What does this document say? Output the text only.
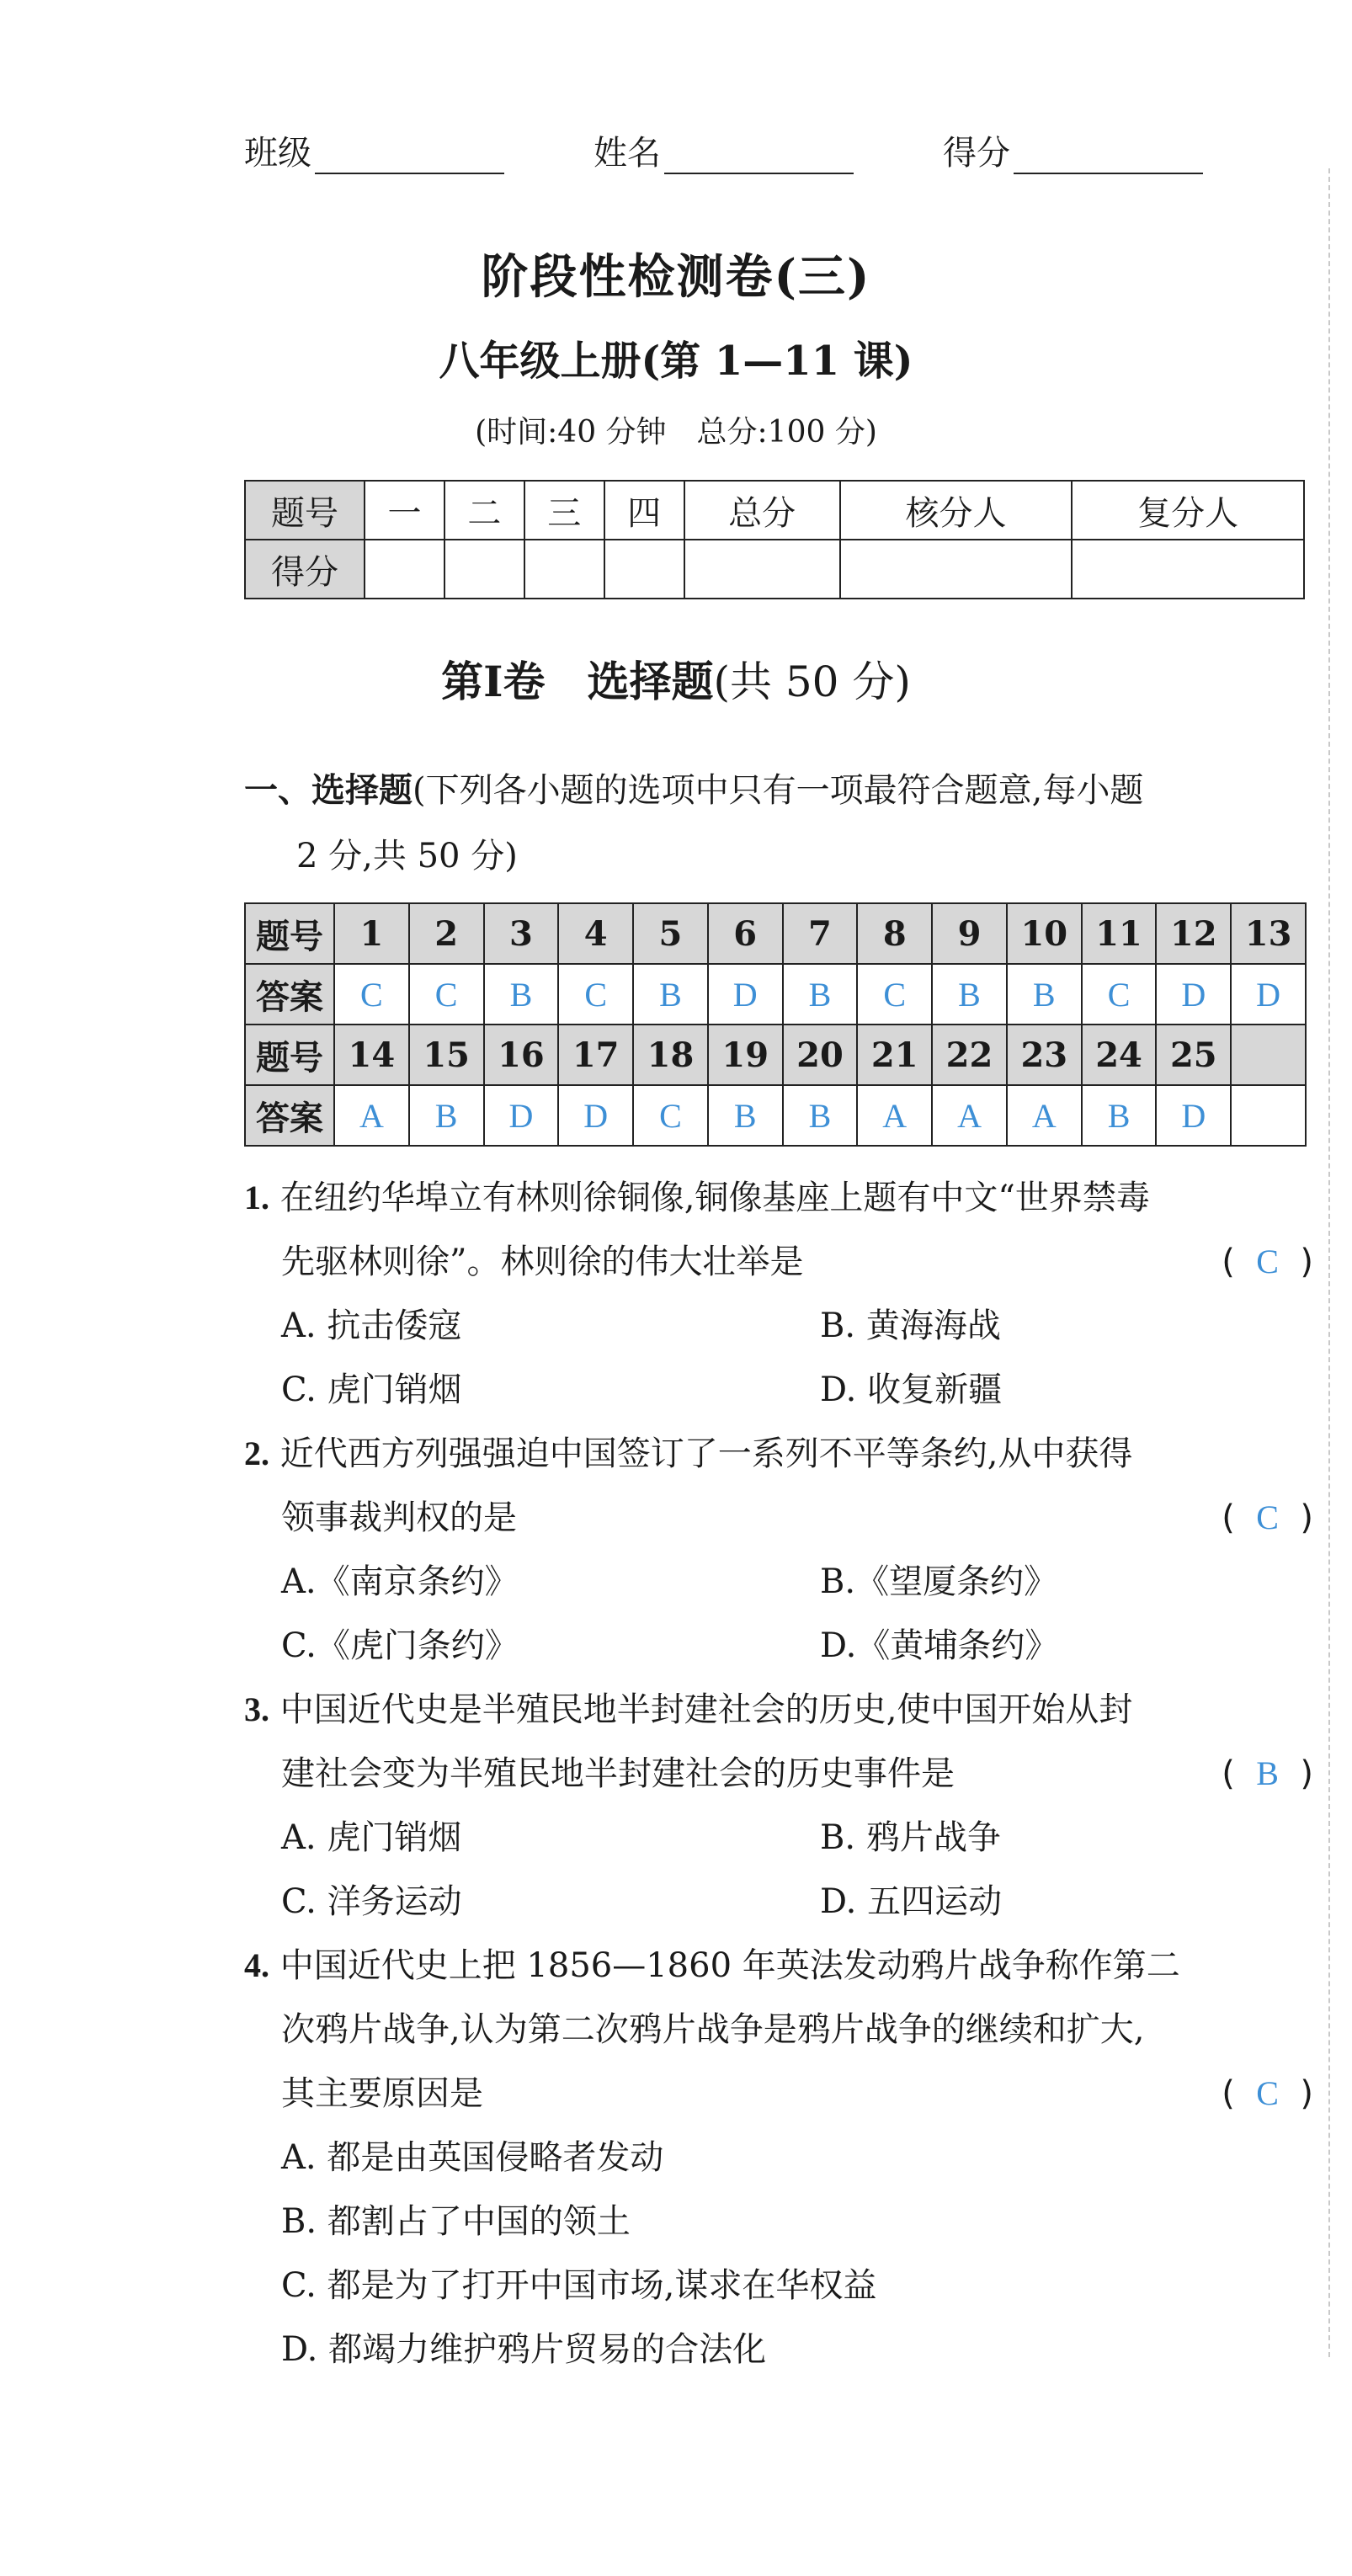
班级	姓名	得分
阶段性检测卷(三)
八年级上册(第 1—11 课)
(时间:40 分钟　总分:100 分)
题号	一	二	三	四	总分	核分人	复分人
得分							
第Ⅰ卷　选择题(共 50 分)
一、选择题(下列各小题的选项中只有一项最符合题意,每小题
2 分,共 50 分)
题号	1	2	3	4	5	6	7	8	9	10	11	12	13
答案	C	C	B	C	B	D	B	C	B	B	C	D	D
题号	14	15	16	17	18	19	20	21	22	23	24	25	
答案	A	B	D	D	C	B	B	A	A	A	B	D	
1. 在纽约华埠立有林则徐铜像,铜像基座上题有中文“世界禁毒
先驱林则徐”。林则徐的伟大壮举是	(  C  )
A. 抗击倭寇	B. 黄海海战
C. 虎门销烟	D. 收复新疆
2. 近代西方列强强迫中国签订了一系列不平等条约,从中获得
领事裁判权的是	(  C  )
A.《南京条约》	B.《望厦条约》
C.《虎门条约》	D.《黄埔条约》
3. 中国近代史是半殖民地半封建社会的历史,使中国开始从封
建社会变为半殖民地半封建社会的历史事件是	(  B  )
A. 虎门销烟	B. 鸦片战争
C. 洋务运动	D. 五四运动
4. 中国近代史上把 1856—1860 年英法发动鸦片战争称作第二
次鸦片战争,认为第二次鸦片战争是鸦片战争的继续和扩大,
其主要原因是	(  C  )
A. 都是由英国侵略者发动
B. 都割占了中国的领土
C. 都是为了打开中国市场,谋求在华权益
D. 都竭力维护鸦片贸易的合法化
